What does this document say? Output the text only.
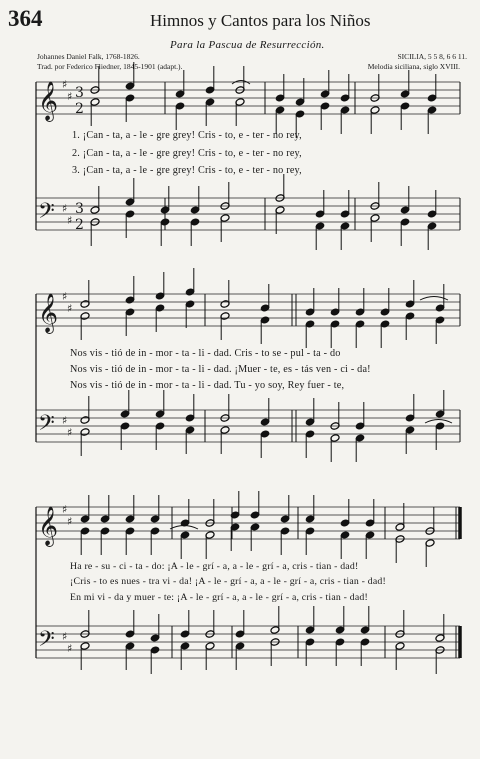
364	Himnos y Cantos para los Niños
Para la Pascua de Resurrección.
Johannes Daniel Falk, 1768-1826.
Trad. por Federico Fliedner, 1845-1901 (adapt.).
SICILIA, 5 5 8, 6 6 11.
Melodía siciliana, siglo XVIII.
𝄞
𝄢
♯
♯
♯
♯
3
2
3
2
𝄞
𝄢
♯
♯
♯
♯
𝄞
𝄢
♯
♯
♯
♯
1. ¡Can - ta, a - le - gre grey! Cris - to, e - ter - no rey,
2. ¡Can - ta, a - le - gre grey! Cris - to, e - ter - no rey,
3. ¡Can - ta, a - le - gre grey! Cris - to, e - ter - no rey,
Nos vis - tió de in - mor - ta - li - dad. Cris - to se - pul - ta - do
Nos vis - tió de in - mor - ta - li - dad. ¡Muer - te, es - tás ven - ci - da!
Nos vis - tió de in - mor - ta - li - dad. Tu - yo soy, Rey fuer - te,
Ha re - su - ci - ta - do: ¡A - le - grí - a, a - le - grí - a, cris - tian - dad!
¡Cris - to es nues - tra vi - da! ¡A - le - grí - a, a - le - grí - a, cris - tian - dad!
En mi vi - da y muer - te: ¡A - le - grí - a, a - le - grí - a, cris - tian - dad!
